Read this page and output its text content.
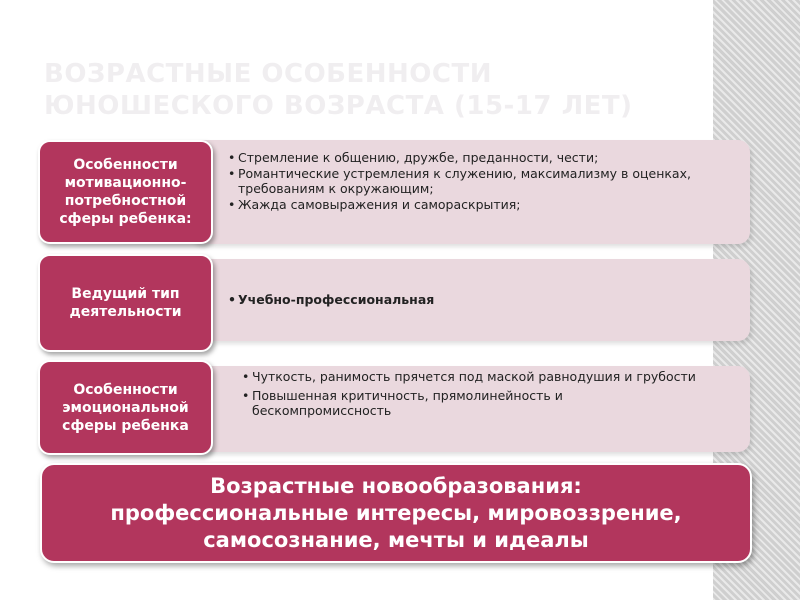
ВОЗРАСТНЫЕ ОСОБЕННОСТИ
ЮНОШЕСКОГО ВОЗРАСТА (15-17 ЛЕТ)
• Стремление к общению, дружбе, преданности, чести;
• Романтические устремления к служению, максимализму в оценках, требованиям к окружающим;
• Жажда самовыражения и самораскрытия;
Особенности мотивационно-потребностной сферы ребенка:
• Учебно-профессиональная
Ведущий тип деятельности
• Чуткость, ранимость прячется под маской равнодушия и грубости
• Повышенная критичность, прямолинейность и бескомпромиссность
Особенности эмоциональной сферы ребенка
Возрастные новообразования:
профессиональные интересы, мировоззрение,
самосознание, мечты и идеалы
